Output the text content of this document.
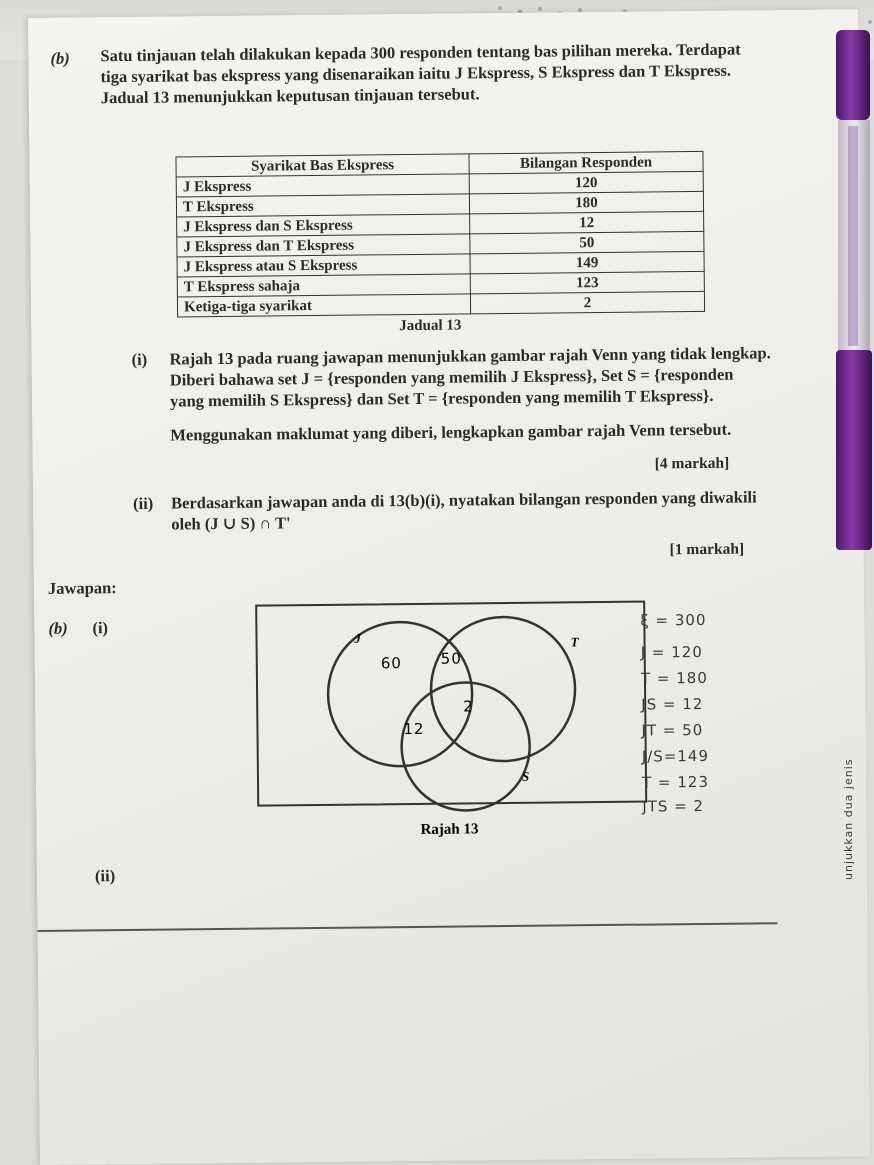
(b) Satu tinjauan telah dilakukan kepada 300 responden tentang bas pilihan mereka. Terdapat
tiga syarikat bas ekspress yang disenaraikan iaitu J Ekspress, S Ekspress dan T Ekspress.
Jadual 13 menunjukkan keputusan tinjauan tersebut.
Syarikat Bas Ekspress	Bilangan Responden
J Ekspress	120
T Ekspress	180
J Ekspress dan S Ekspress	12
J Ekspress dan T Ekspress	50
J Ekspress atau S Ekspress	149
T Ekspress sahaja	123
Ketiga-tiga syarikat	2
Jadual 13
(i) Rajah 13 pada ruang jawapan menunjukkan gambar rajah Venn yang tidak lengkap.
Diberi bahawa set J = {responden yang memilih J Ekspress}, Set S = {responden
yang memilih S Ekspress} dan Set T = {responden yang memilih T Ekspress}.
Menggunakan maklumat yang diberi, lengkapkan gambar rajah Venn tersebut.
[4 markah]
(ii) Berdasarkan jawapan anda di 13(b)(i), nyatakan bilangan responden yang diwakili
oleh (J ∪ S) ∩ T'
[1 markah]
Jawapan:
(b) (i)
J	T
S
60	50
2
12
Rajah 13
ξ = 300
J = 120
T = 180
JS = 12
JT = 50
J/S=149
T = 123
JTS = 2
(ii)	unjukkan dua jenis
